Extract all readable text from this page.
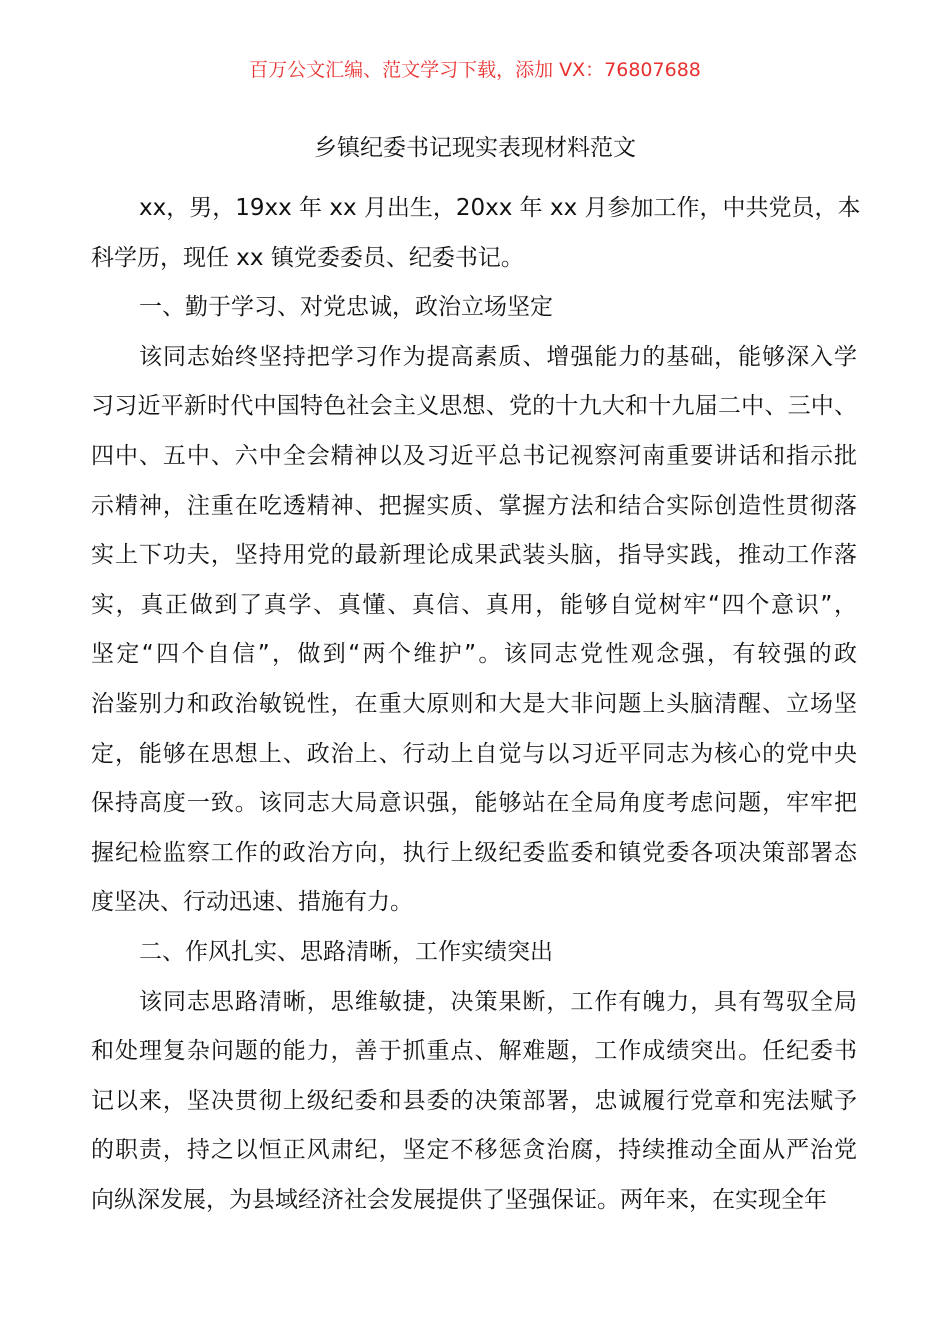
百万公文汇编、范文学习下载，添加 VX：76807688
乡镇纪委书记现实表现材料范文
xx，男，19xx 年 xx 月出生，20xx 年 xx 月参加工作，中共党员，本
科学历，现任 xx 镇党委委员、纪委书记。
一、勤于学习、对党忠诚，政治立场坚定
该同志始终坚持把学习作为提高素质、增强能力的基础，能够深入学
习习近平新时代中国特色社会主义思想、党的十九大和十九届二中、三中、
四中、五中、六中全会精神以及习近平总书记视察河南重要讲话和指示批
示精神，注重在吃透精神、把握实质、掌握方法和结合实际创造性贯彻落
实上下功夫，坚持用党的最新理论成果武装头脑，指导实践，推动工作落
实，真正做到了真学、真懂、真信、真用，能够自觉树牢“四个意识”，
坚定“四个自信”，做到“两个维护”。该同志党性观念强，有较强的政
治鉴别力和政治敏锐性，在重大原则和大是大非问题上头脑清醒、立场坚
定，能够在思想上、政治上、行动上自觉与以习近平同志为核心的党中央
保持高度一致。该同志大局意识强，能够站在全局角度考虑问题，牢牢把
握纪检监察工作的政治方向，执行上级纪委监委和镇党委各项决策部署态
度坚决、行动迅速、措施有力。
二、作风扎实、思路清晰，工作实绩突出
该同志思路清晰，思维敏捷，决策果断，工作有魄力，具有驾驭全局
和处理复杂问题的能力，善于抓重点、解难题，工作成绩突出。任纪委书
记以来，坚决贯彻上级纪委和县委的决策部署，忠诚履行党章和宪法赋予
的职责，持之以恒正风肃纪，坚定不移惩贪治腐，持续推动全面从严治党
向纵深发展，为县域经济社会发展提供了坚强保证。两年来，在实现全年
